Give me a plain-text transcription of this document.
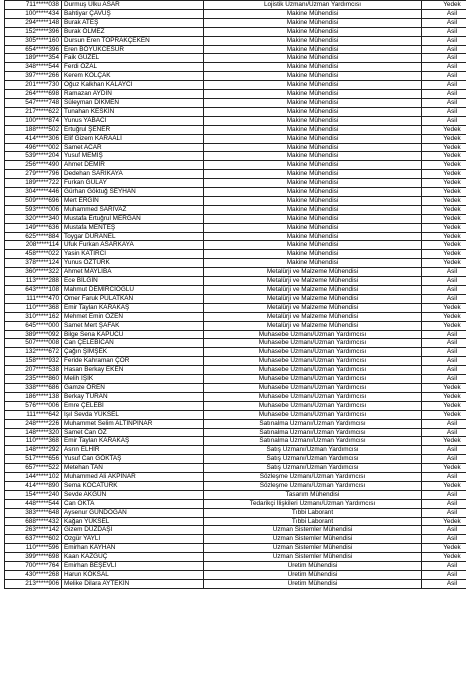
711*****038	Durmuş Ulku ASAR	Lojistik Uzmanı/Uzman Yardımcısı	Yedek
100*****434	Bahtiyar ÇAVUŞ	Makine Mühendisi	Asil
294*****148	Burak ATEŞ	Makine Mühendisi	Asil
152*****396	Burak ÖLMEZ	Makine Mühendisi	Asil
305*****160	Dursun Eren TOPRAKÇEKEN	Makine Mühendisi	Asil
654*****396	Eren BÖYÜKCESUR	Makine Mühendisi	Asil
189*****354	Faik GÜZEL	Makine Mühendisi	Asil
348*****544	Ferdi ÖZAL	Makine Mühendisi	Asil
397*****266	Kerem KOLÇAK	Makine Mühendisi	Asil
201*****730	Oğuz Kalkhan KALAYCI	Makine Mühendisi	Asil
264*****698	Ramazan AYDIN	Makine Mühendisi	Asil
547*****748	Süleyman DİKMEN	Makine Mühendisi	Asil
217*****622	Tunahan KESKİN	Makine Mühendisi	Asil
100*****874	Yunus YABACI	Makine Mühendisi	Asil
188*****502	Ertuğrul ŞENER	Makine Mühendisi	Yedek
414*****306	Elif Gizem KARAALİ	Makine Mühendisi	Yedek
496*****002	Samet ACAR	Makine Mühendisi	Yedek
539*****204	Yusuf MEMİŞ	Makine Mühendisi	Yedek
256*****490	Ahmet DEMİR	Makine Mühendisi	Yedek
279*****796	Dedehan SARIKAYA	Makine Mühendisi	Yedek
189*****722	Furkan GÜLAY	Makine Mühendisi	Yedek
304*****446	Gürhan Göktuğ SEYHAN	Makine Mühendisi	Yedek
509*****696	Mert ERGİN	Makine Mühendisi	Yedek
593*****006	Muhammed SARIVAZ	Makine Mühendisi	Yedek
320*****340	Mustafa Ertuğrul MERGAN	Makine Mühendisi	Yedek
149*****636	Mustafa MENTEŞ	Makine Mühendisi	Yedek
625*****884	Toygar DURANEL	Makine Mühendisi	Yedek
208*****114	Ufuk Furkan ASARKAYA	Makine Mühendisi	Yedek
458*****022	Yasin KATIRCI	Makine Mühendisi	Yedek
378*****124	Yunus ÖZTÜRK	Makine Mühendisi	Yedek
360*****322	Ahmet MAYLIBA	Metalürji ve Malzeme Mühendisi	Asil
113*****288	Ece BİLGİN	Metalürji ve Malzeme Mühendisi	Asil
643*****108	Mahmut DEMİRCİOĞLU	Metalürji ve Malzeme Mühendisi	Asil
111*****470	Ömer Faruk PULATKAN	Metalürji ve Malzeme Mühendisi	Asil
110*****368	Emir Taylan KARAKAŞ	Metalürji ve Malzeme Mühendisi	Yedek
310*****162	Mehmet Emin ÖZEN	Metalürji ve Malzeme Mühendisi	Yedek
645*****000	Samet Mert ŞAFAK	Metalürji ve Malzeme Mühendisi	Yedek
389*****092	Bilge Sena KAPUCU	Muhasebe Uzmanı/Uzman Yardımcısı	Asil
507*****008	Can ÇELEBİCAN	Muhasebe Uzmanı/Uzman Yardımcısı	Asil
132*****672	Çağın ŞİMŞEK	Muhasebe Uzmanı/Uzman Yardımcısı	Asil
158*****932	Feride Kahraman ÇOR	Muhasebe Uzmanı/Uzman Yardımcısı	Asil
207*****538	Hasan Berkay EKEN	Muhasebe Uzmanı/Uzman Yardımcısı	Asil
235*****860	Melih IŞIK	Muhasebe Uzmanı/Uzman Yardımcısı	Asil
338*****686	Gamze ÖREN	Muhasebe Uzmanı/Uzman Yardımcısı	Yedek
186*****138	Berkay TURAN	Muhasebe Uzmanı/Uzman Yardımcısı	Yedek
576*****006	Emre ÇELEBİ	Muhasebe Uzmanı/Uzman Yardımcısı	Yedek
111*****642	Işıl Sevda YÜKSEL	Muhasebe Uzmanı/Uzman Yardımcısı	Yedek
248*****226	Muhammet Selim ALTINPINAR	Satınalma Uzmanı/Uzman Yardımcısı	Asil
148*****320	Samet Can ÖZ	Satınalma Uzmanı/Uzman Yardımcısı	Asil
110*****368	Emir Taylan KARAKAŞ	Satınalma Uzmanı/Uzman Yardımcısı	Yedek
148*****292	Asrın ELHİR	Satış Uzmanı/Uzman Yardımcısı	Asil
517*****656	Yusuf Can GÖKTAŞ	Satış Uzmanı/Uzman Yardımcısı	Asil
657*****522	Metehan TAN	Satış Uzmanı/Uzman Yardımcısı	Yedek
144*****102	Muhammed Ali AKPINAR	Sözleşme Uzmanı/Uzman Yardımcısı	Asil
414*****890	Sema KOCATÜRK	Sözleşme Uzmanı/Uzman Yardımcısı	Yedek
154*****240	Sevde AKGÜN	Tasarım Mühendisi	Asil
448*****544	Can OKTA	Tedarikçi İlişkileri Uzmanı/Uzman Yardımcısı	Asil
383*****648	Aysenur GÜNDOĞAN	Tıbbi Laborant	Asil
688*****432	Kağan YÜKSEL	Tıbbi Laborant	Yedek
263*****142	Gizem DÜZDAŞI	Uzman Sistemler Mühendisi	Asil
637*****602	Özgür YAYLI	Uzman Sistemler Mühendisi	Asil
110*****596	Emirhan KAYHAN	Uzman Sistemler Mühendisi	Yedek
399*****698	Kaan KAZGUÇ	Uzman Sistemler Mühendisi	Yedek
700*****764	Emirhan BEŞEVLİ	Üretim Mühendisi	Asil
430*****268	Harun KÖKSAL	Üretim Mühendisi	Asil
213*****906	Melike Dilara AYTEKİN	Üretim Mühendisi	Asil
